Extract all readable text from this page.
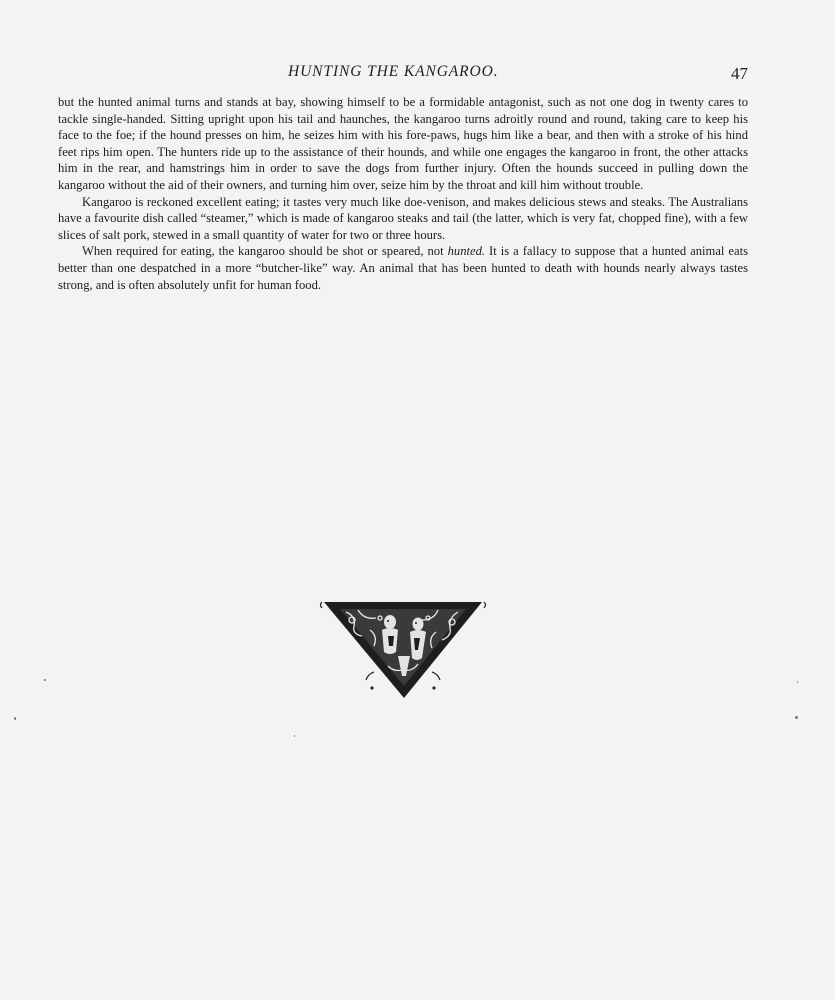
HUNTING THE KANGAROO.	47

but the hunted animal turns and stands at bay, showing himself to be a formidable antagonist, such as not one dog in twenty cares to tackle single-handed. Sitting upright upon his tail and haunches, the kangaroo turns adroitly round and round, taking care to keep his face to the foe; if the hound presses on him, he seizes him with his fore-paws, hugs him like a bear, and then with a stroke of his hind feet rips him open. The hunters ride up to the assistance of their hounds, and while one engages the kangaroo in front, the other attacks him in the rear, and hamstrings him in order to save the dogs from further injury. Often the hounds succeed in pulling down the kangaroo without the aid of their owners, and turning him over, seize him by the throat and kill him without trouble.

Kangaroo is reckoned excellent eating; it tastes very much like doe-venison, and makes delicious stews and steaks. The Australians have a favourite dish called “steamer,” which is made of kangaroo steaks and tail (the latter, which is very fat, chopped fine), with a few slices of salt pork, stewed in a small quantity of water for two or three hours.

When required for eating, the kangaroo should be shot or speared, not hunted. It is a fallacy to suppose that a hunted animal eats better than one despatched in a more “butcher-like” way. An animal that has been hunted to death with hounds nearly always tastes strong, and is often absolutely unfit for human food.
